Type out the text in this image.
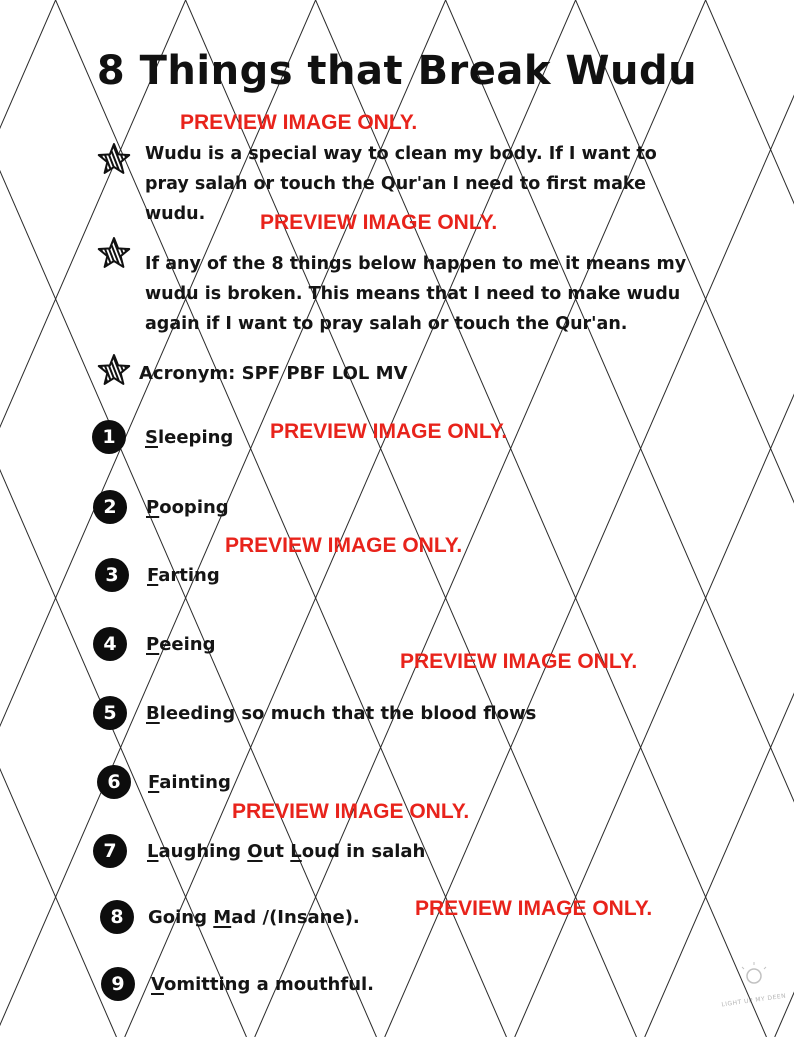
8 Things that Break Wudu
PREVIEW IMAGE ONLY.
PREVIEW IMAGE ONLY.
PREVIEW IMAGE ONLY.
PREVIEW IMAGE ONLY.
PREVIEW IMAGE ONLY.
PREVIEW IMAGE ONLY.
PREVIEW IMAGE ONLY.
Wudu is a special way to clean my body. If I want to pray salah or touch the Qur'an I need to first make wudu.
If any of the 8 things below happen to me it means my wudu is broken. This means that I need to make wudu again if I want to pray salah or touch the Qur'an.
Acronym: SPF PBF LOL MV
1	Sleeping
2	Pooping
3	Farting
4	Peeing
5	Bleeding so much that the blood flows
6	Fainting
7	Laughing Out Loud in salah
8	Going Mad /(Insane).
9	Vomitting a mouthful.
LIGHT UP MY DEEN
